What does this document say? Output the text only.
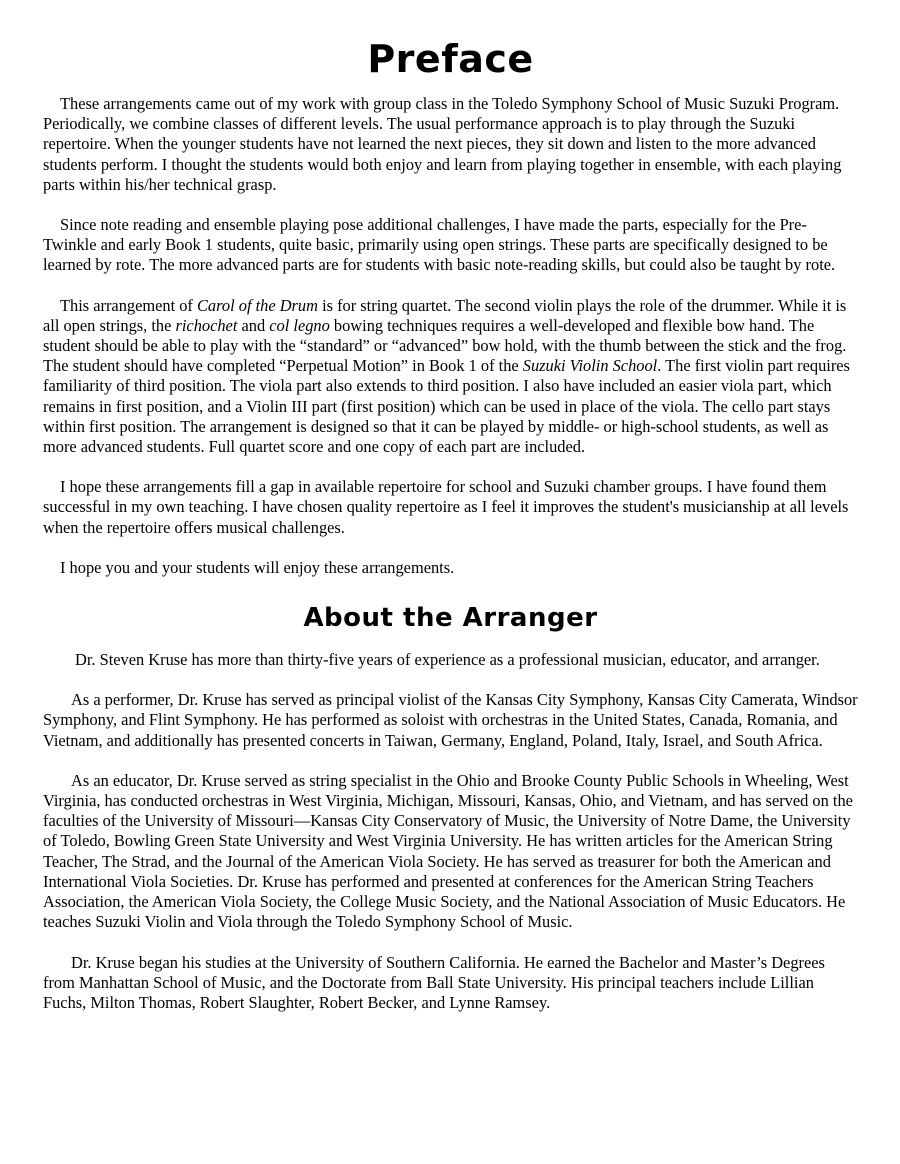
Preface

These arrangements came out of my work with group class in the Toledo Symphony School of Music Suzuki Program. Periodically, we combine classes of different levels. The usual performance approach is to play through the Suzuki repertoire. When the younger students have not learned the next pieces, they sit down and listen to the more advanced students perform. I thought the students would both enjoy and learn from playing together in ensemble, with each playing parts within his/her technical grasp.

Since note reading and ensemble playing pose additional challenges, I have made the parts, especially for the Pre-Twinkle and early Book 1 students, quite basic, primarily using open strings. These parts are specifically designed to be learned by rote. The more advanced parts are for students with basic note-reading skills, but could also be taught by rote.

This arrangement of Carol of the Drum is for string quartet. The second violin plays the role of the drummer. While it is all open strings, the richochet and col legno bowing techniques requires a well-developed and flexible bow hand. The student should be able to play with the “standard” or “advanced” bow hold, with the thumb between the stick and the frog. The student should have completed “Perpetual Motion” in Book 1 of the Suzuki Violin School. The first violin part requires familiarity of third position. The viola part also extends to third position. I also have included an easier viola part, which remains in first position, and a Violin III part (first position) which can be used in place of the viola. The cello part stays within first position. The arrangement is designed so that it can be played by middle- or high-school students, as well as more advanced students. Full quartet score and one copy of each part are included.

I hope these arrangements fill a gap in available repertoire for school and Suzuki chamber groups. I have found them successful in my own teaching. I have chosen quality repertoire as I feel it improves the student's musicianship at all levels when the repertoire offers musical challenges.

I hope you and your students will enjoy these arrangements.

About the Arranger

Dr. Steven Kruse has more than thirty-five years of experience as a professional musician, educator, and arranger.

As a performer, Dr. Kruse has served as principal violist of the Kansas City Symphony, Kansas City Camerata, Windsor Symphony, and Flint Symphony. He has performed as soloist with orchestras in the United States, Canada, Romania, and Vietnam, and additionally has presented concerts in Taiwan, Germany, England, Poland, Italy, Israel, and South Africa.

As an educator, Dr. Kruse served as string specialist in the Ohio and Brooke County Public Schools in Wheeling, West Virginia, has conducted orchestras in West Virginia, Michigan, Missouri, Kansas, Ohio, and Vietnam, and has served on the faculties of the University of Missouri—Kansas City Conservatory of Music, the University of Notre Dame, the University of Toledo, Bowling Green State University and West Virginia University. He has written articles for the American String Teacher, The Strad, and the Journal of the American Viola Society. He has served as treasurer for both the American and International Viola Societies. Dr. Kruse has performed and presented at conferences for the American String Teachers Association, the American Viola Society, the College Music Society, and the National Association of Music Educators. He teaches Suzuki Violin and Viola through the Toledo Symphony School of Music.

Dr. Kruse began his studies at the University of Southern California. He earned the Bachelor and Master’s Degrees from Manhattan School of Music, and the Doctorate from Ball State University. His principal teachers include Lillian Fuchs, Milton Thomas, Robert Slaughter, Robert Becker, and Lynne Ramsey.
